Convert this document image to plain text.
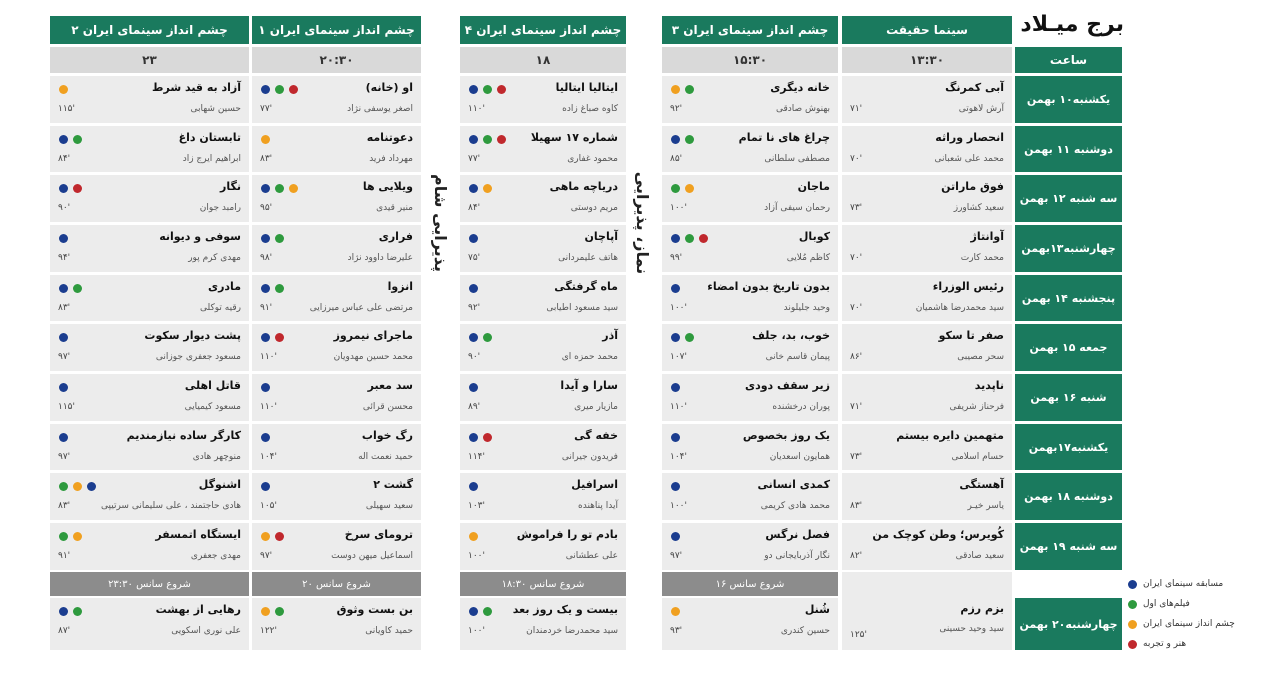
برج میـلاد
ساعت
سینما حقیقت
۱۳:۳۰
چشم انداز سینمای ایران ۳
۱۵:۳۰
چشم انداز سینمای ایران ۴
۱۸
چشم انداز سینمای ایران ۱
۲۰:۳۰
چشم انداز سینمای ایران ۲
۲۳
نماز، پذیرایی
پذیرایی شام
یکشنبه۱۰ بهمن
دوشنبه ۱۱ بهمن
سه شنبه ۱۲ بهمن
چهارشنبه۱۳بهمن
پنجشنبه ۱۴ بهمن
جمعه ۱۵ بهمن
شنبه ۱۶ بهمن
یکشنبه۱۷بهمن
دوشنبه ۱۸ بهمن
سه شنبه ۱۹ بهمن
چهارشنبه۲۰ بهمن
آبی کمرنگ
آرش لاهوتی
۷۱'
خانه دیگری
بهنوش صادقی
۹۲'
ایتالیا ایتالیا
کاوه صباغ زاده
۱۱۰'
او (خانه)
اصغر یوسفی نژاد
۷۷'
آزاد به قید شرط
حسین شهابی
۱۱۵'
انحصار وراثه
محمد علی شعبانی
۷۰'
چراغ های نا تمام
مصطفی سلطانی
۸۵'
شماره ۱۷ سهیلا
محمود غفاری
۷۷'
دعوتنامه
مهرداد فرید
۸۳'
تابستان داغ
ابراهیم ایرج زاد
۸۴'
فوق ماراتن
سعید کشاورز
۷۳'
ماجان
رحمان سیفی آزاد
۱۰۰'
دریاچه ماهی
مریم دوستی
۸۴'
ویلایی ها
منیر قیدی
۹۵'
نگار
رامبد جوان
۹۰'
آوانتاژ
محمد کارت
۷۰'
کوبال
کاظم مُلایی
۹۹'
آپاچان
هاتف علیمردانی
۷۵'
فراری
علیرضا داوود نژاد
۹۸'
سوفی و دیوانه
مهدی کرم پور
۹۴'
رئیس الوزراء
سید محمدرضا هاشمیان
۷۰'
بدون تاریخ بدون امضاء
وحید جلیلوند
۱۰۰'
ماه گرفتگی
سید مسعود اطیابی
۹۲'
انزوا
مرتضی علی عباس میرزایی
۹۱'
مادری
رقیه توکلی
۸۳'
صفر تا سکو
سحر مصیبی
۸۶'
خوب، بد، جلف
پیمان قاسم خانی
۱۰۷'
آذر
محمد حمزه ای
۹۰'
ماجرای نیمروز
محمد حسین مهدویان
۱۱۰'
پشت دیوار سکوت
مسعود جعفری جوزانی
۹۷'
ناپدید
فرحناز شریفی
۷۱'
زیر سقف دودی
پوران درخشنده
۱۱۰'
سارا و آیدا
مازیار میری
۸۹'
سد معبر
محسن قرائی
۱۱۰'
قاتل اهلی
مسعود کیمیایی
۱۱۵'
متهمین دایره بیستم
حسام اسلامی
۷۳'
یک روز بخصوص
همایون اسعدیان
۱۰۴'
خفه گی
فریدون جیرانی
۱۱۴'
رگ خواب
حمید نعمت اله
۱۰۴'
کارگر ساده نیازمندیم
منوچهر هادی
۹۷'
آهستگی
یاسر خیـر
۸۳'
کمدی انسانی
محمد هادی کریمی
۱۰۰'
اسرافیل
آیدا پناهنده
۱۰۳'
گشت ۲
سعید سهیلی
۱۰۵'
اشنوگل
هادی حاجتمند ، علی سلیمانی سرتیپی
۸۳'
کُویرس؛ وطن کوچک من
سعید صادقی
۸۲'
فصل نرگس
نگار آذربایجانی دو
۹۷'
بادم تو را فراموش
علی عطشانی
۱۰۰'
ترومای سرخ
اسماعیل میهن دوست
۹۷'
ایستگاه اتمسفر
مهدی جعفری
۹۱'
بزم رزم
سید وحید حسینی
۱۲۵'
شُنل
حسین کندری
۹۳'
بیست و یک روز بعد
سید محمدرضا خردمندان
۱۰۰'
بن بست وثوق
حمید کاویانی
۱۲۲'
رهایی از بهشت
علی نوری اسکویی
۸۷'
شروع سانس ۱۶
شروع سانس ۱۸:۳۰
شروع سانس ۲۰
شروع سانس ۲۳:۳۰	مسابقه سینمای ایران
فیلم‌های اول
چشم انداز سینمای ایران
هنر و تجربه
